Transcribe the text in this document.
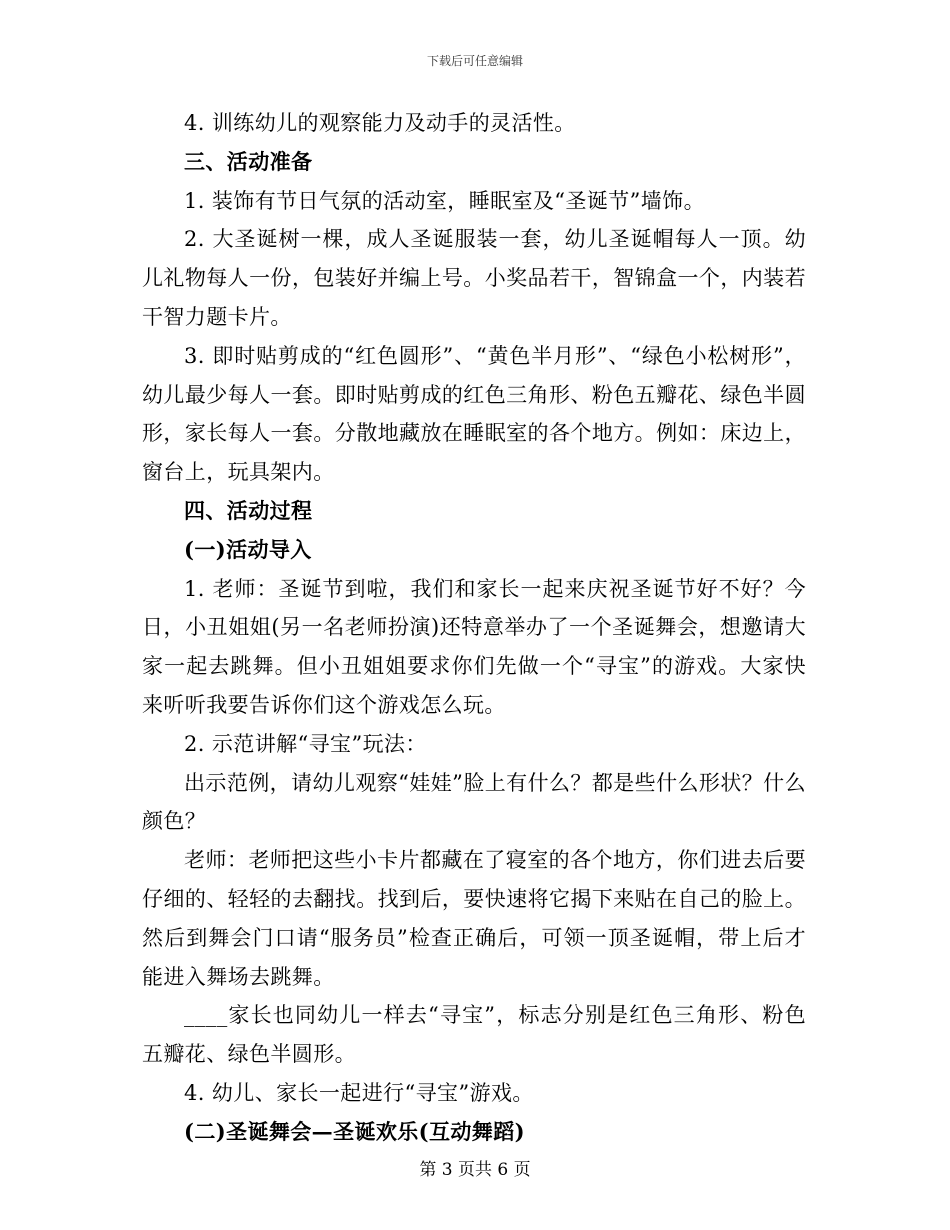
下载后可任意编辑

4. 训练幼儿的观察能力及动手的灵活性。

三、活动准备

1. 装饰有节日气氛的活动室，睡眠室及“圣诞节”墙饰。

2. 大圣诞树一棵，成人圣诞服装一套，幼儿圣诞帽每人一顶。幼儿礼物每人一份，包装好并编上号。小奖品若干，智锦盒一个，内装若干智力题卡片。

3. 即时贴剪成的“红色圆形”、“黄色半月形”、“绿色小松树形”，幼儿最少每人一套。即时贴剪成的红色三角形、粉色五瓣花、绿色半圆形，家长每人一套。分散地藏放在睡眠室的各个地方。例如：床边上，窗台上，玩具架内。

四、活动过程

(一)活动导入

1. 老师：圣诞节到啦，我们和家长一起来庆祝圣诞节好不好？今日，小丑姐姐(另一名老师扮演)还特意举办了一个圣诞舞会，想邀请大家一起去跳舞。但小丑姐姐要求你们先做一个“寻宝”的游戏。大家快来听听我要告诉你们这个游戏怎么玩。

2. 示范讲解“寻宝”玩法：

出示范例，请幼儿观察“娃娃”脸上有什么？都是些什么形状？什么颜色？

老师：老师把这些小卡片都藏在了寝室的各个地方，你们进去后要仔细的、轻轻的去翻找。找到后，要快速将它揭下来贴在自己的脸上。然后到舞会门口请“服务员”检查正确后，可领一顶圣诞帽，带上后才能进入舞场去跳舞。

____家长也同幼儿一样去“寻宝”，标志分别是红色三角形、粉色五瓣花、绿色半圆形。

4. 幼儿、家长一起进行“寻宝”游戏。

(二)圣诞舞会—圣诞欢乐(互动舞蹈)

第 3 页共 6 页
